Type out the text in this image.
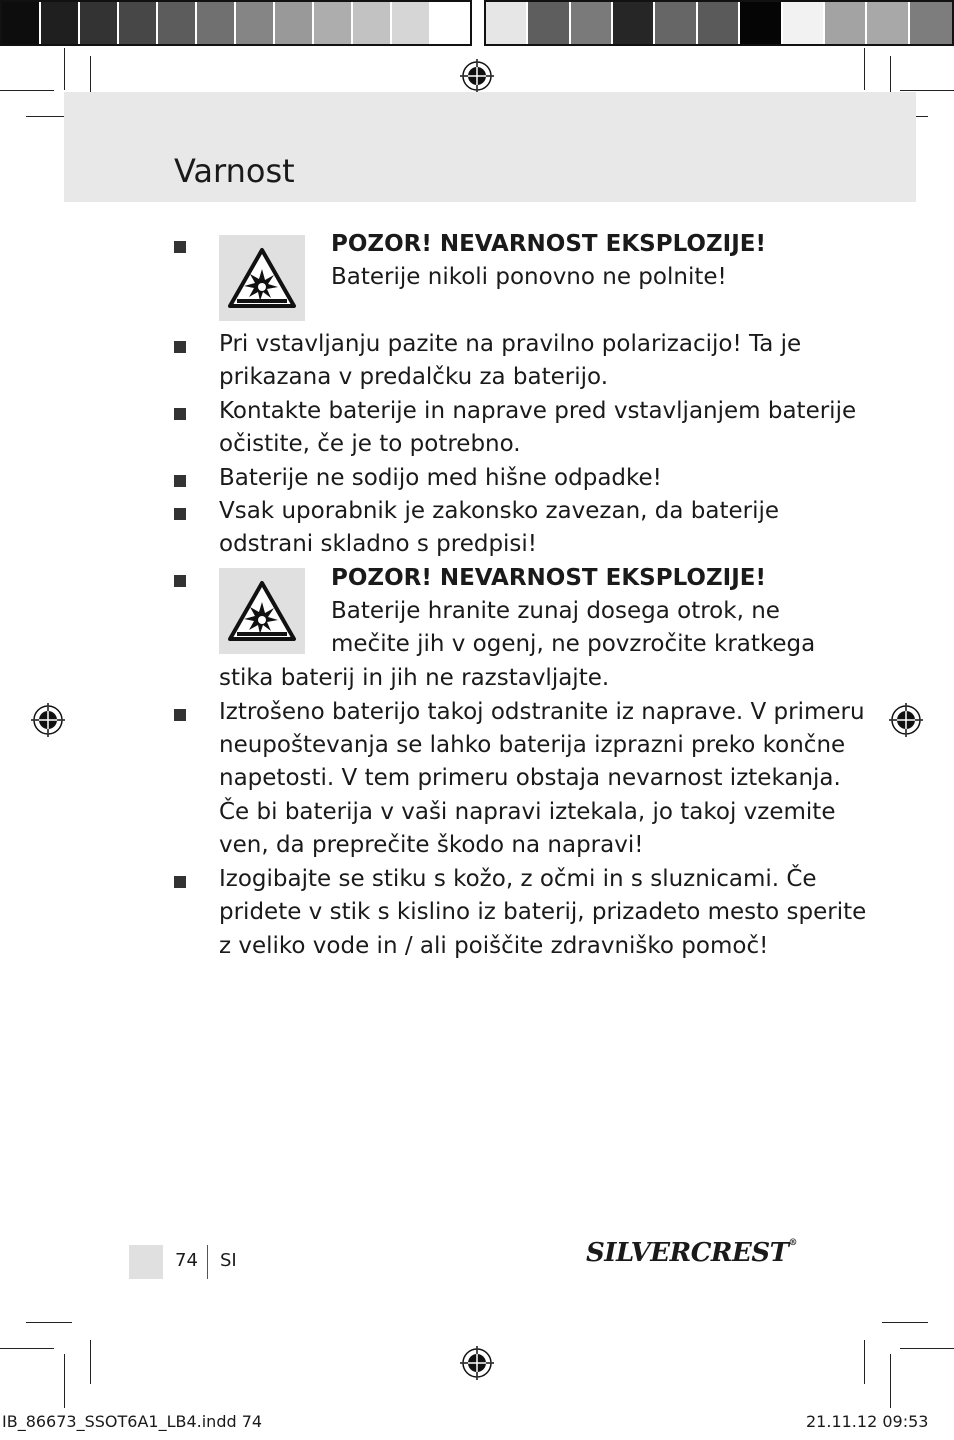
Varnost
POZOR! NEVARNOST EKSPLOZIJE!
Baterije nikoli ponovno ne polnite!
Pri vstavljanju pazite na pravilno polarizacijo! Ta je
prikazana v predalčku za baterijo.
Kontakte baterije in naprave pred vstavljanjem baterije
očistite, če je to potrebno.
Baterije ne sodijo med hišne odpadke!
Vsak uporabnik je zakonsko zavezan, da baterije
odstrani skladno s predpisi!
POZOR! NEVARNOST EKSPLOZIJE!
Baterije hranite zunaj dosega otrok, ne
mečite jih v ogenj, ne povzročite kratkega
stika baterij in jih ne razstavljajte.
Iztrošeno baterijo takoj odstranite iz naprave. V primeru
neupoštevanja se lahko baterija izprazni preko končne
napetosti. V tem primeru obstaja nevarnost iztekanja.
Če bi baterija v vaši napravi iztekala, jo takoj vzemite
ven, da preprečite škodo na napravi!
Izogibajte se stiku s kožo, z očmi in s sluznicami. Če
pridete v stik s kislino iz baterij, prizadeto mesto sperite
z veliko vode in / ali poiščite zdravniško pomoč!
74 SI	SILVERCREST®
IB_86673_SSOT6A1_LB4.indd 74	21.11.12 09:53
